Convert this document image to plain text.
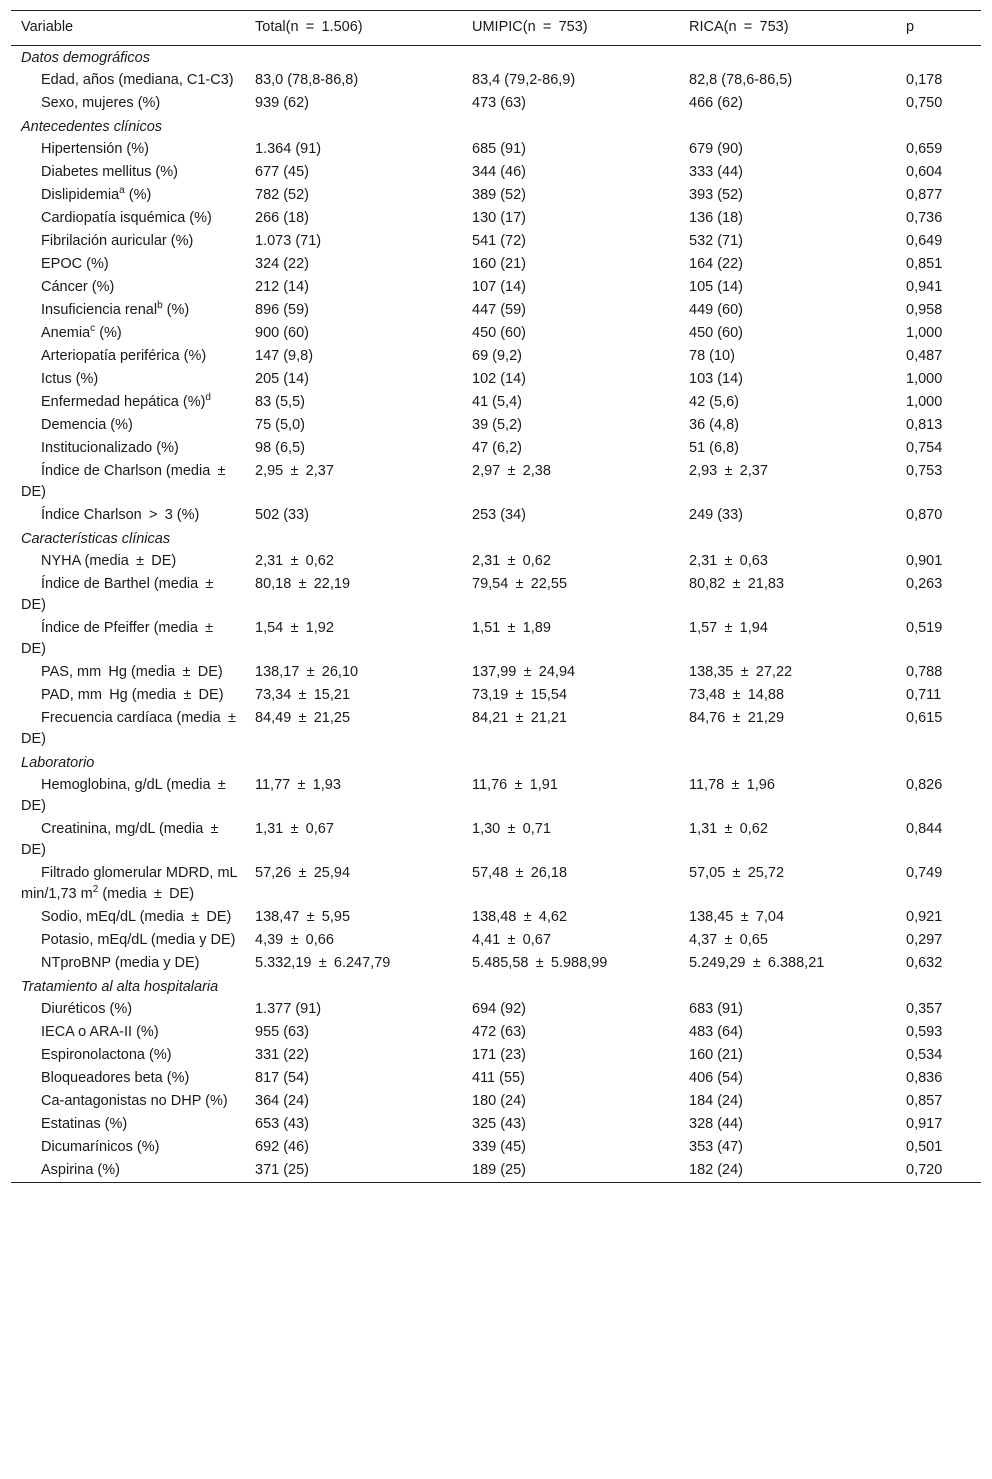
Variable	Total(n = 1.506)	UMIPIC(n = 753)	RICA(n = 753)	p
Datos demográficos				
Edad, años (mediana, C1-C3)	83,0 (78,8-86,8)	83,4 (79,2-86,9)	82,8 (78,6-86,5)	0,178
Sexo, mujeres (%)	939 (62)	473 (63)	466 (62)	0,750
Antecedentes clínicos				
Hipertensión (%)	1.364 (91)	685 (91)	679 (90)	0,659
Diabetes mellitus (%)	677 (45)	344 (46)	333 (44)	0,604
Dislipidemia$^a$ (%)	782 (52)	389 (52)	393 (52)	0,877
Cardiopatía isquémica (%)	266 (18)	130 (17)	136 (18)	0,736
Fibrilación auricular (%)	1.073 (71)	541 (72)	532 (71)	0,649
EPOC (%)	324 (22)	160 (21)	164 (22)	0,851
Cáncer (%)	212 (14)	107 (14)	105 (14)	0,941
Insuficiencia renal$^b$ (%)	896 (59)	447 (59)	449 (60)	0,958
Anemia$^c$ (%)	900 (60)	450 (60)	450 (60)	1,000
Arteriopatía periférica (%)	147 (9,8)	69 (9,2)	78 (10)	0,487
Ictus (%)	205 (14)	102 (14)	103 (14)	1,000
Enfermedad hepática (%)$^d$	83 (5,5)	41 (5,4)	42 (5,6)	1,000
Demencia (%)	75 (5,0)	39 (5,2)	36 (4,8)	0,813
Institucionalizado (%)	98 (6,5)	47 (6,2)	51 (6,8)	0,754
Índice de Charlson (media ± DE)	2,95 ± 2,37	2,97 ± 2,38	2,93 ± 2,37	0,753
Índice Charlson > 3 (%)	502 (33)	253 (34)	249 (33)	0,870
Características clínicas				
NYHA (media ± DE)	2,31 ± 0,62	2,31 ± 0,62	2,31 ± 0,63	0,901
Índice de Barthel (media ± DE)	80,18 ± 22,19	79,54 ± 22,55	80,82 ± 21,83	0,263
Índice de Pfeiffer (media ± DE)	1,54 ± 1,92	1,51 ± 1,89	1,57 ± 1,94	0,519
PAS, mm Hg (media ± DE)	138,17 ± 26,10	137,99 ± 24,94	138,35 ± 27,22	0,788
PAD, mm Hg (media ± DE)	73,34 ± 15,21	73,19 ± 15,54	73,48 ± 14,88	0,711
Frecuencia cardíaca (media ± DE)	84,49 ± 21,25	84,21 ± 21,21	84,76 ± 21,29	0,615
Laboratorio				
Hemoglobina, g/dL (media ± DE)	11,77 ± 1,93	11,76 ± 1,91	11,78 ± 1,96	0,826
Creatinina, mg/dL (media ± DE)	1,31 ± 0,67	1,30 ± 0,71	1,31 ± 0,62	0,844
Filtrado glomerular MDRD, mL min/1,73 $m^2$ (media ± DE)	57,26 ± 25,94	57,48 ± 26,18	57,05 ± 25,72	0,749
Sodio, mEq/dL (media ± DE)	138,47 ± 5,95	138,48 ± 4,62	138,45 ± 7,04	0,921
Potasio, mEq/dL (media y DE)	4,39 ± 0,66	4,41 ± 0,67	4,37 ± 0,65	0,297
NTproBNP (media y DE)	5.332,19 ± 6.247,79	5.485,58 ± 5.988,99	5.249,29 ± 6.388,21	0,632
Tratamiento al alta hospitalaria				
Diuréticos (%)	1.377 (91)	694 (92)	683 (91)	0,357
IECA o ARA-II (%)	955 (63)	472 (63)	483 (64)	0,593
Espironolactona (%)	331 (22)	171 (23)	160 (21)	0,534
Bloqueadores beta (%)	817 (54)	411 (55)	406 (54)	0,836
Ca-antagonistas no DHP (%)	364 (24)	180 (24)	184 (24)	0,857
Estatinas (%)	653 (43)	325 (43)	328 (44)	0,917
Dicumarínicos (%)	692 (46)	339 (45)	353 (47)	0,501
Aspirina (%)	371 (25)	189 (25)	182 (24)	0,720
